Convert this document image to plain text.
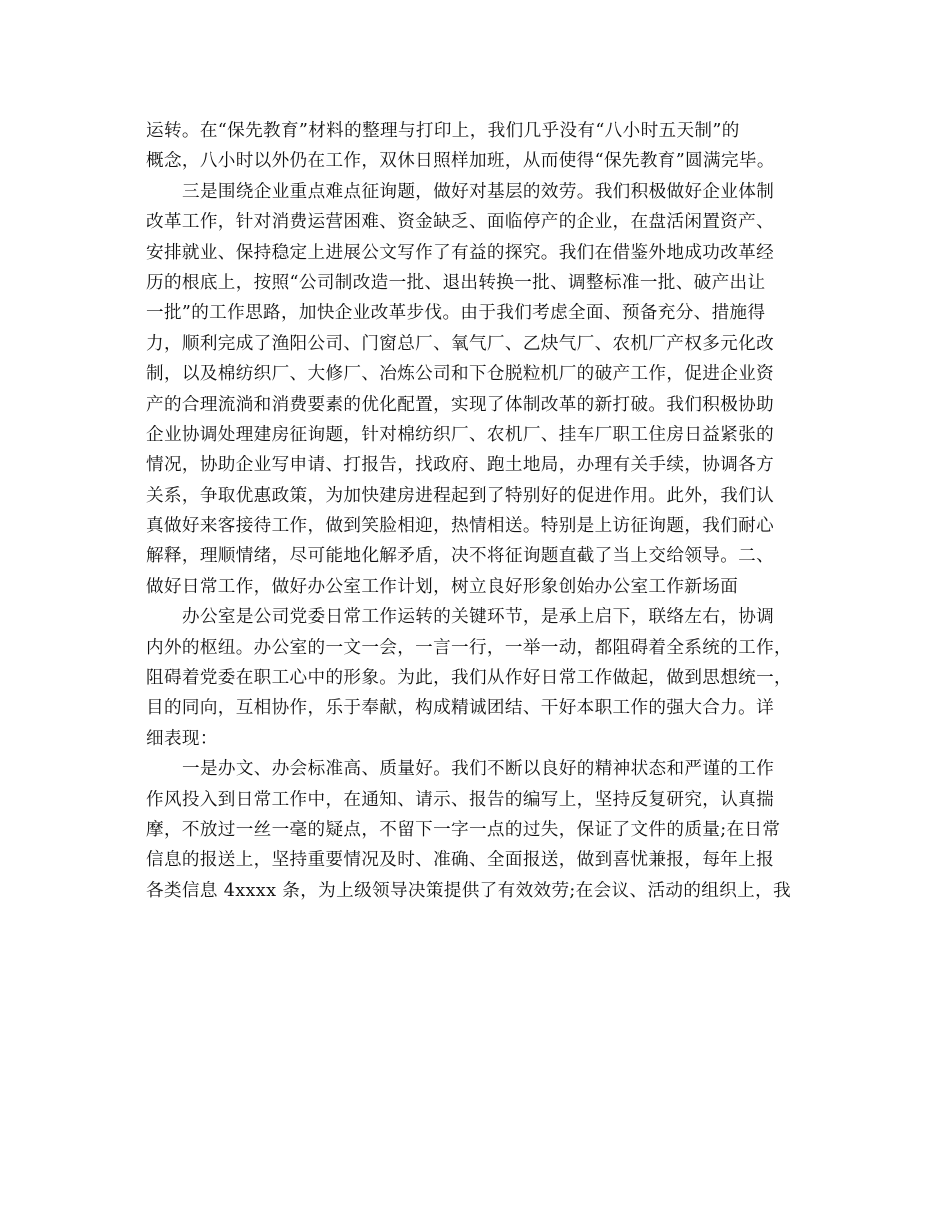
运转。在“保先教育”材料的整理与打印上，我们几乎没有“八小时五天制”的
概念，八小时以外仍在工作，双休日照样加班，从而使得“保先教育”圆满完毕。
三是围绕企业重点难点征询题，做好对基层的效劳。我们积极做好企业体制
改革工作，针对消费运营困难、资金缺乏、面临停产的企业，在盘活闲置资产、
安排就业、保持稳定上进展公文写作了有益的探究。我们在借鉴外地成功改革经
历的根底上，按照“公司制改造一批、退出转换一批、调整标准一批、破产出让
一批”的工作思路，加快企业改革步伐。由于我们考虑全面、预备充分、措施得
力，顺利完成了渔阳公司、门窗总厂、氧气厂、乙炔气厂、农机厂产权多元化改
制，以及棉纺织厂、大修厂、冶炼公司和下仓脱粒机厂的破产工作，促进企业资
产的合理流淌和消费要素的优化配置，实现了体制改革的新打破。我们积极协助
企业协调处理建房征询题，针对棉纺织厂、农机厂、挂车厂职工住房日益紧张的
情况，协助企业写申请、打报告，找政府、跑土地局，办理有关手续，协调各方
关系，争取优惠政策，为加快建房进程起到了特别好的促进作用。此外，我们认
真做好来客接待工作，做到笑脸相迎，热情相送。特别是上访征询题，我们耐心
解释，理顺情绪，尽可能地化解矛盾，决不将征询题直截了当上交给领导。二、
做好日常工作，做好办公室工作计划，树立良好形象创始办公室工作新场面
办公室是公司党委日常工作运转的关键环节，是承上启下，联络左右，协调
内外的枢纽。办公室的一文一会，一言一行，一举一动，都阻碍着全系统的工作，
阻碍着党委在职工心中的形象。为此，我们从作好日常工作做起，做到思想统一，
目的同向，互相协作，乐于奉献，构成精诚团结、干好本职工作的强大合力。详
细表现：
一是办文、办会标准高、质量好。我们不断以良好的精神状态和严谨的工作
作风投入到日常工作中，在通知、请示、报告的编写上，坚持反复研究，认真揣
摩，不放过一丝一毫的疑点，不留下一字一点的过失，保证了文件的质量;在日常
信息的报送上，坚持重要情况及时、准确、全面报送，做到喜忧兼报，每年上报
各类信息 4xxxx 条，为上级领导决策提供了有效效劳;在会议、活动的组织上，我
